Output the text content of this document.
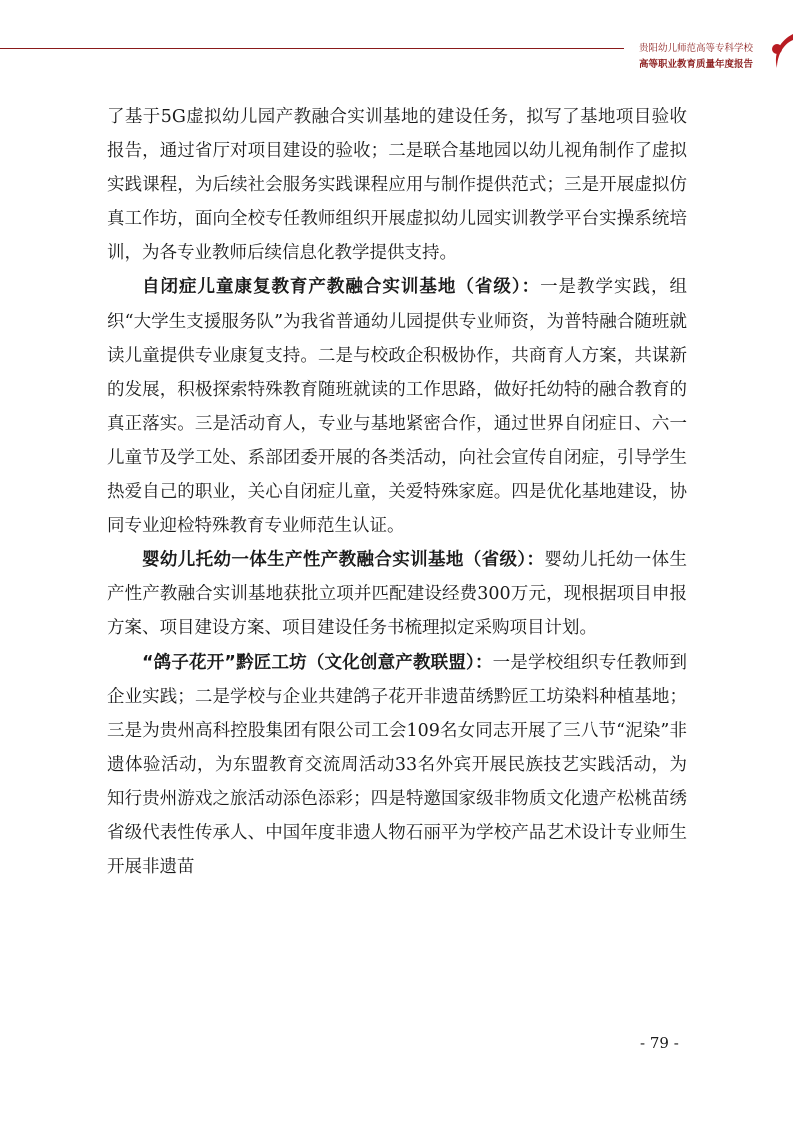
贵阳幼儿师范高等专科学校
高等职业教育质量年度报告

了基于5G虚拟幼儿园产教融合实训基地的建设任务，拟写了基地项目验收报告，通过省厅对项目建设的验收；二是联合基地园以幼儿视角制作了虚拟实践课程，为后续社会服务实践课程应用与制作提供范式；三是开展虚拟仿真工作坊，面向全校专任教师组织开展虚拟幼儿园实训教学平台实操系统培训，为各专业教师后续信息化教学提供支持。

自闭症儿童康复教育产教融合实训基地（省级）：一是教学实践，组织“大学生支援服务队”为我省普通幼儿园提供专业师资，为普特融合随班就读儿童提供专业康复支持。二是与校政企积极协作，共商育人方案，共谋新的发展，积极探索特殊教育随班就读的工作思路，做好托幼特的融合教育的真正落实。三是活动育人，专业与基地紧密合作，通过世界自闭症日、六一儿童节及学工处、系部团委开展的各类活动，向社会宣传自闭症，引导学生热爱自己的职业，关心自闭症儿童，关爱特殊家庭。四是优化基地建设，协同专业迎检特殊教育专业师范生认证。

婴幼儿托幼一体生产性产教融合实训基地（省级）：婴幼儿托幼一体生产性产教融合实训基地获批立项并匹配建设经费300万元，现根据项目申报方案、项目建设方案、项目建设任务书梳理拟定采购项目计划。

“鸽子花开”黔匠工坊（文化创意产教联盟）：一是学校组织专任教师到企业实践；二是学校与企业共建鸽子花开非遗苗绣黔匠工坊染料种植基地；三是为贵州高科控股集团有限公司工会109名女同志开展了三八节“泥染”非遗体验活动，为东盟教育交流周活动33名外宾开展民族技艺实践活动，为知行贵州游戏之旅活动添色添彩；四是特邀国家级非物质文化遗产松桃苗绣省级代表性传承人、中国年度非遗人物石丽平为学校产品艺术设计专业师生开展非遗苗

- 79 -
